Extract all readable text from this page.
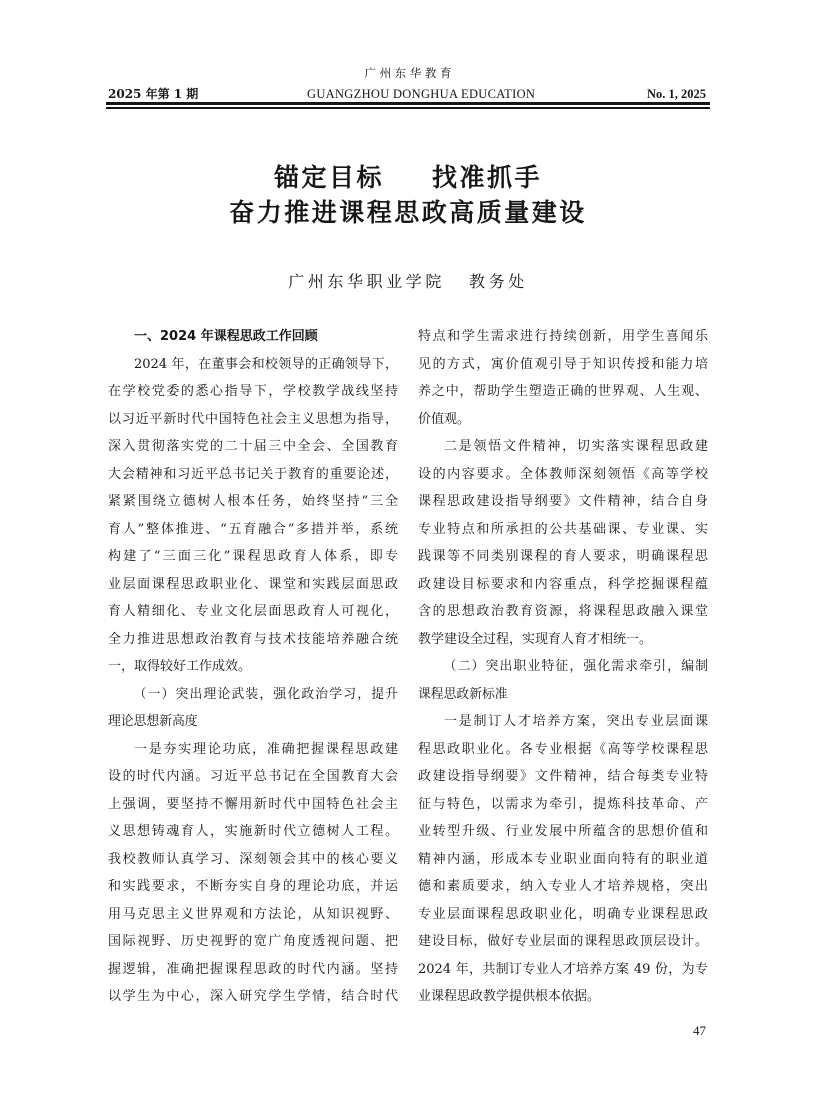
广州东华教育
2025 年第 1 期	GUANGZHOU DONGHUA EDUCATION	No. 1, 2025
锚定目标 找准抓手
奋力推进课程思政高质量建设
广州东华职业学院 教务处
一、2024 年课程思政工作回顾
2024 年，在董事会和校领导的正确领导下，
在学校党委的悉心指导下，学校教学战线坚持
以习近平新时代中国特色社会主义思想为指导，
深入贯彻落实党的二十届三中全会、全国教育
大会精神和习近平总书记关于教育的重要论述，
紧紧围绕立德树人根本任务，始终坚持“三全
育人”整体推进、“五育融合”多措并举，系统
构建了“三面三化”课程思政育人体系，即专
业层面课程思政职业化、课堂和实践层面思政
育人精细化、专业文化层面思政育人可视化，
全力推进思想政治教育与技术技能培养融合统
一，取得较好工作成效。
（一）突出理论武装，强化政治学习，提升
理论思想新高度
一是夯实理论功底，准确把握课程思政建
设的时代内涵。习近平总书记在全国教育大会
上强调，要坚持不懈用新时代中国特色社会主
义思想铸魂育人，实施新时代立德树人工程。
我校教师认真学习、深刻领会其中的核心要义
和实践要求，不断夯实自身的理论功底，并运
用马克思主义世界观和方法论，从知识视野、
国际视野、历史视野的宽广角度透视问题、把
握逻辑，准确把握课程思政的时代内涵。坚持
以学生为中心，深入研究学生学情，结合时代
特点和学生需求进行持续创新，用学生喜闻乐
见的方式，寓价值观引导于知识传授和能力培
养之中，帮助学生塑造正确的世界观、人生观、
价值观。
二是领悟文件精神，切实落实课程思政建
设的内容要求。全体教师深刻领悟《高等学校
课程思政建设指导纲要》文件精神，结合自身
专业特点和所承担的公共基础课、专业课、实
践课等不同类别课程的育人要求，明确课程思
政建设目标要求和内容重点，科学挖掘课程蕴
含的思想政治教育资源，将课程思政融入课堂
教学建设全过程，实现育人育才相统一。
（二）突出职业特征，强化需求牵引，编制
课程思政新标准
一是制订人才培养方案，突出专业层面课
程思政职业化。各专业根据《高等学校课程思
政建设指导纲要》文件精神，结合每类专业特
征与特色，以需求为牵引，提炼科技革命、产
业转型升级、行业发展中所蕴含的思想价值和
精神内涵，形成本专业职业面向特有的职业道
德和素质要求，纳入专业人才培养规格，突出
专业层面课程思政职业化，明确专业课程思政
建设目标，做好专业层面的课程思政顶层设计。
2024 年，共制订专业人才培养方案 49 份，为专
业课程思政教学提供根本依据。
47
